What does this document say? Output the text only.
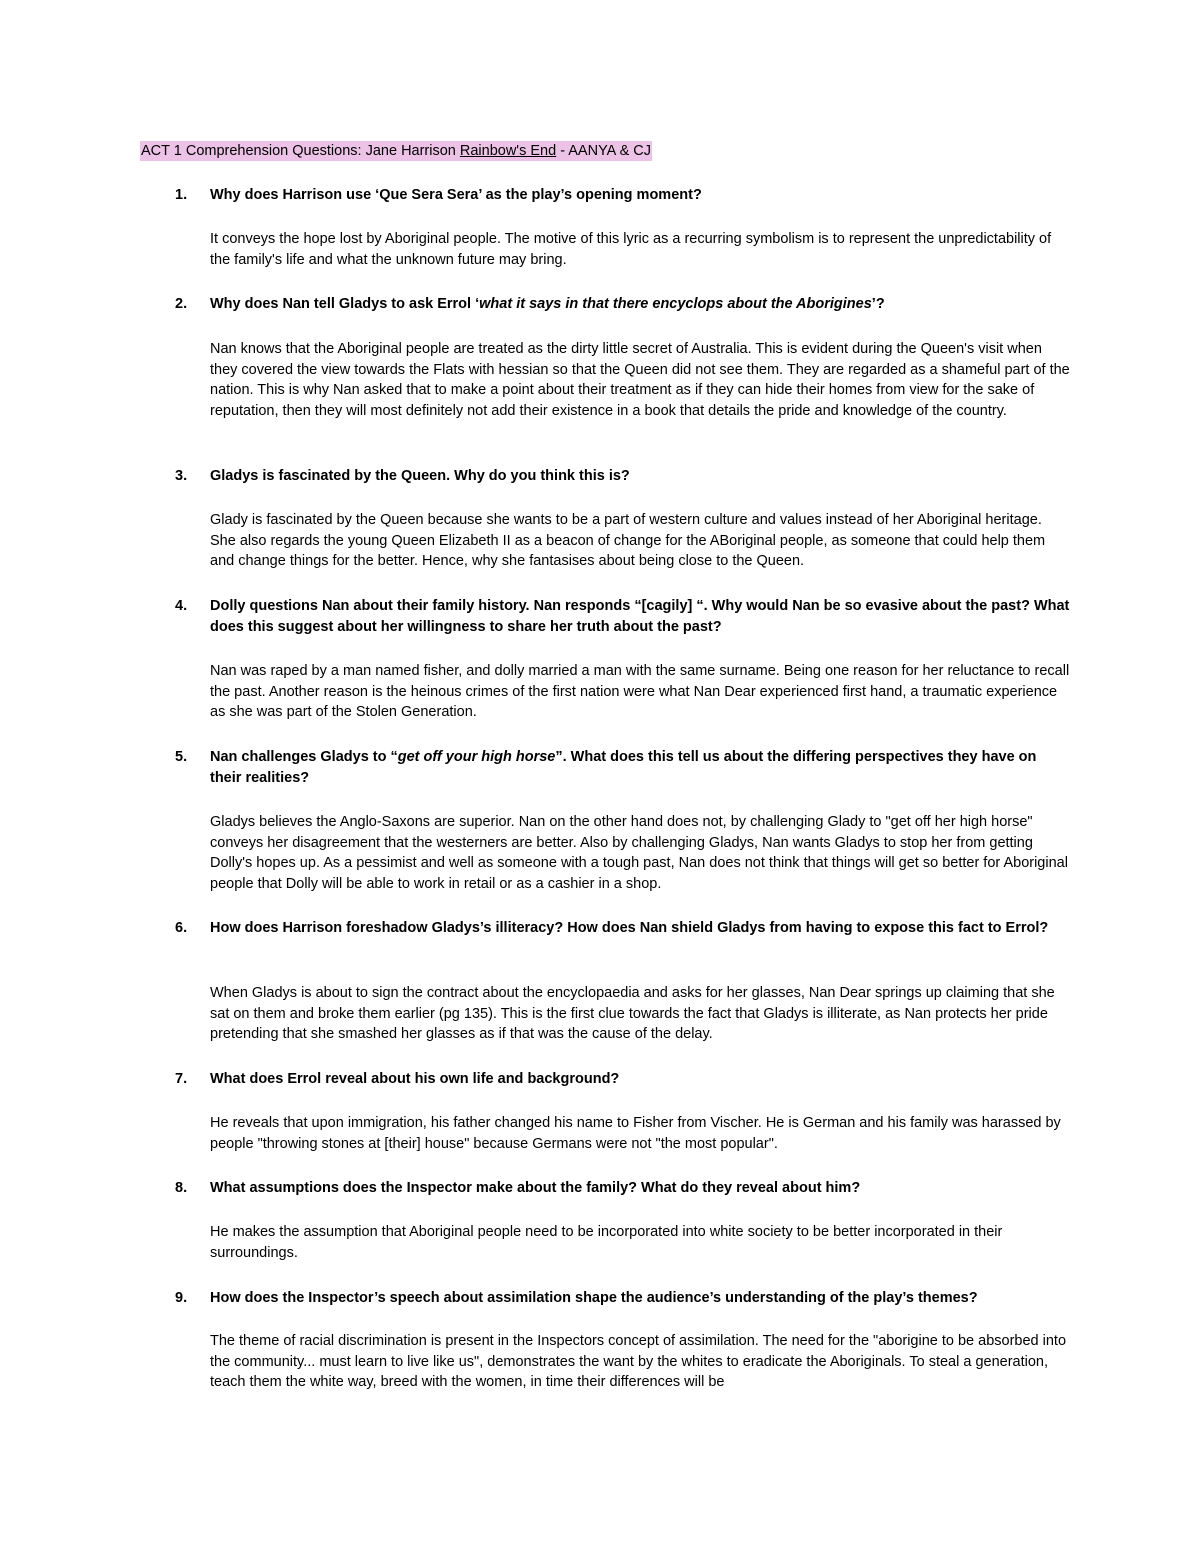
ACT 1 Comprehension Questions: Jane Harrison Rainbow's End - AANYA & CJ
1. Why does Harrison use ‘Que Sera Sera’ as the play’s opening moment?
It conveys the hope lost by Aboriginal people. The motive of this lyric as a recurring symbolism is to represent the unpredictability of the family's life and what the unknown future may bring.
2. Why does Nan tell Gladys to ask Errol ‘what it says in that there encyclops about the Aborigines’?
Nan knows that the Aboriginal people are treated as the dirty little secret of Australia. This is evident during the Queen's visit when they covered the view towards the Flats with hessian so that the Queen did not see them. They are regarded as a shameful part of the nation. This is why Nan asked that to make a point about their treatment as if they can hide their homes from view for the sake of reputation, then they will most definitely not add their existence in a book that details the pride and knowledge of the country.
3. Gladys is fascinated by the Queen. Why do you think this is?
Glady is fascinated by the Queen because she wants to be a part of western culture and values instead of her Aboriginal heritage. She also regards the young Queen Elizabeth II as a beacon of change for the ABoriginal people, as someone that could help them and change things for the better. Hence, why she fantasises about being close to the Queen.
4. Dolly questions Nan about their family history. Nan responds “[cagily] “. Why would Nan be so evasive about the past? What does this suggest about her willingness to share her truth about the past?
Nan was raped by a man named fisher, and dolly married a man with the same surname. Being one reason for her reluctance to recall the past. Another reason is the heinous crimes of the first nation were what Nan Dear experienced first hand, a traumatic experience as she was part of the Stolen Generation.
5. Nan challenges Gladys to “get off your high horse”. What does this tell us about the differing perspectives they have on their realities?
Gladys believes the Anglo-Saxons are superior. Nan on the other hand does not, by challenging Glady to "get off her high horse" conveys her disagreement that the westerners are better. Also by challenging Gladys, Nan wants Gladys to stop her from getting Dolly's hopes up. As a pessimist and well as someone with a tough past, Nan does not think that things will get so better for Aboriginal people that Dolly will be able to work in retail or as a cashier in a shop.
6. How does Harrison foreshadow Gladys’s illiteracy? How does Nan shield Gladys from having to expose this fact to Errol?
When Gladys is about to sign the contract about the encyclopaedia and asks for her glasses, Nan Dear springs up claiming that she sat on them and broke them earlier (pg 135). This is the first clue towards the fact that Gladys is illiterate, as Nan protects her pride pretending that she smashed her glasses as if that was the cause of the delay.
7. What does Errol reveal about his own life and background?
He reveals that upon immigration, his father changed his name to Fisher from Vischer. He is German and his family was harassed by people "throwing stones at [their] house" because Germans were not "the most popular".
8. What assumptions does the Inspector make about the family? What do they reveal about him?
He makes the assumption that Aboriginal people need to be incorporated into white society to be better incorporated in their surroundings.
9. How does the Inspector’s speech about assimilation shape the audience’s understanding of the play’s themes?
The theme of racial discrimination is present in the Inspectors concept of assimilation. The need for the "aborigine to be absorbed into the community... must learn to live like us", demonstrates the want by the whites to eradicate the Aboriginals. To steal a generation, teach them the white way, breed with the women, in time their differences will be
